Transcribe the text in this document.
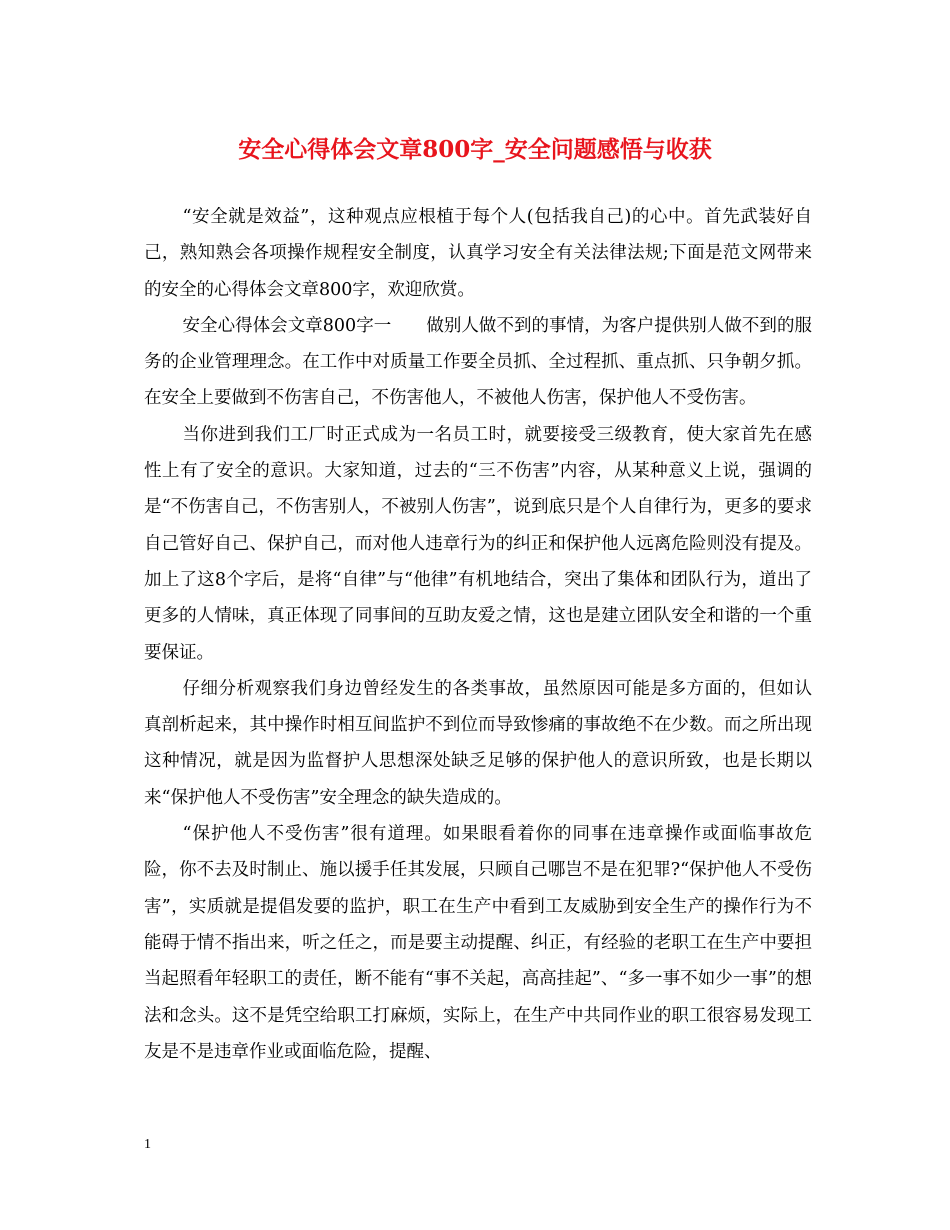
安全心得体会文章800字_安全问题感悟与收获

“安全就是效益”，这种观点应根植于每个人(包括我自己)的心中。首先武装好自己，熟知熟会各项操作规程安全制度，认真学习安全有关法律法规;下面是范文网带来的安全的心得体会文章800字，欢迎欣赏。

安全心得体会文章800字一　　做别人做不到的事情，为客户提供别人做不到的服务的企业管理理念。在工作中对质量工作要全员抓、全过程抓、重点抓、只争朝夕抓。在安全上要做到不伤害自己，不伤害他人，不被他人伤害，保护他人不受伤害。

当你进到我们工厂时正式成为一名员工时，就要接受三级教育，使大家首先在感性上有了安全的意识。大家知道，过去的“三不伤害”内容，从某种意义上说，强调的是“不伤害自己，不伤害别人，不被别人伤害”，说到底只是个人自律行为，更多的要求自己管好自己、保护自己，而对他人违章行为的纠正和保护他人远离危险则没有提及。加上了这8个字后，是将“自律”与“他律”有机地结合，突出了集体和团队行为，道出了更多的人情味，真正体现了同事间的互助友爱之情，这也是建立团队安全和谐的一个重要保证。

仔细分析观察我们身边曾经发生的各类事故，虽然原因可能是多方面的，但如认真剖析起来，其中操作时相互间监护不到位而导致惨痛的事故绝不在少数。而之所出现这种情况，就是因为监督护人思想深处缺乏足够的保护他人的意识所致，也是长期以来“保护他人不受伤害”安全理念的缺失造成的。

“保护他人不受伤害”很有道理。如果眼看着你的同事在违章操作或面临事故危险，你不去及时制止、施以援手任其发展，只顾自己哪岂不是在犯罪?“保护他人不受伤害”，实质就是提倡发要的监护，职工在生产中看到工友威胁到安全生产的操作行为不能碍于情不指出来，听之任之，而是要主动提醒、纠正，有经验的老职工在生产中要担当起照看年轻职工的责任，断不能有“事不关起，高高挂起”、“多一事不如少一事”的想法和念头。这不是凭空给职工打麻烦，实际上，在生产中共同作业的职工很容易发现工友是不是违章作业或面临危险，提醒、

1
